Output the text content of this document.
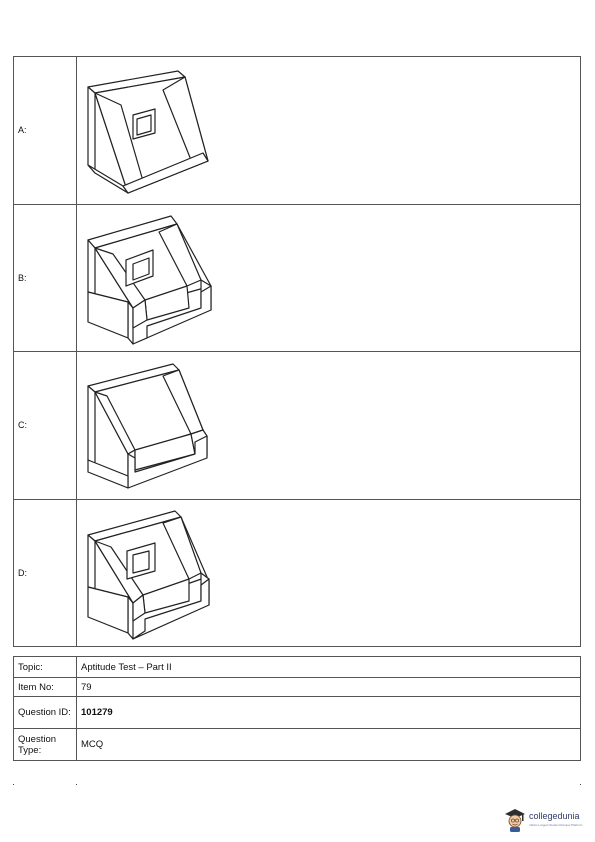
A:	

B:	

C:	

D:	
Topic:	Aptitude Test – Part II
Item No:	79
Question ID:	101279
Question Type:	MCQ
collegedunia
India's Largest Student Review Platform
